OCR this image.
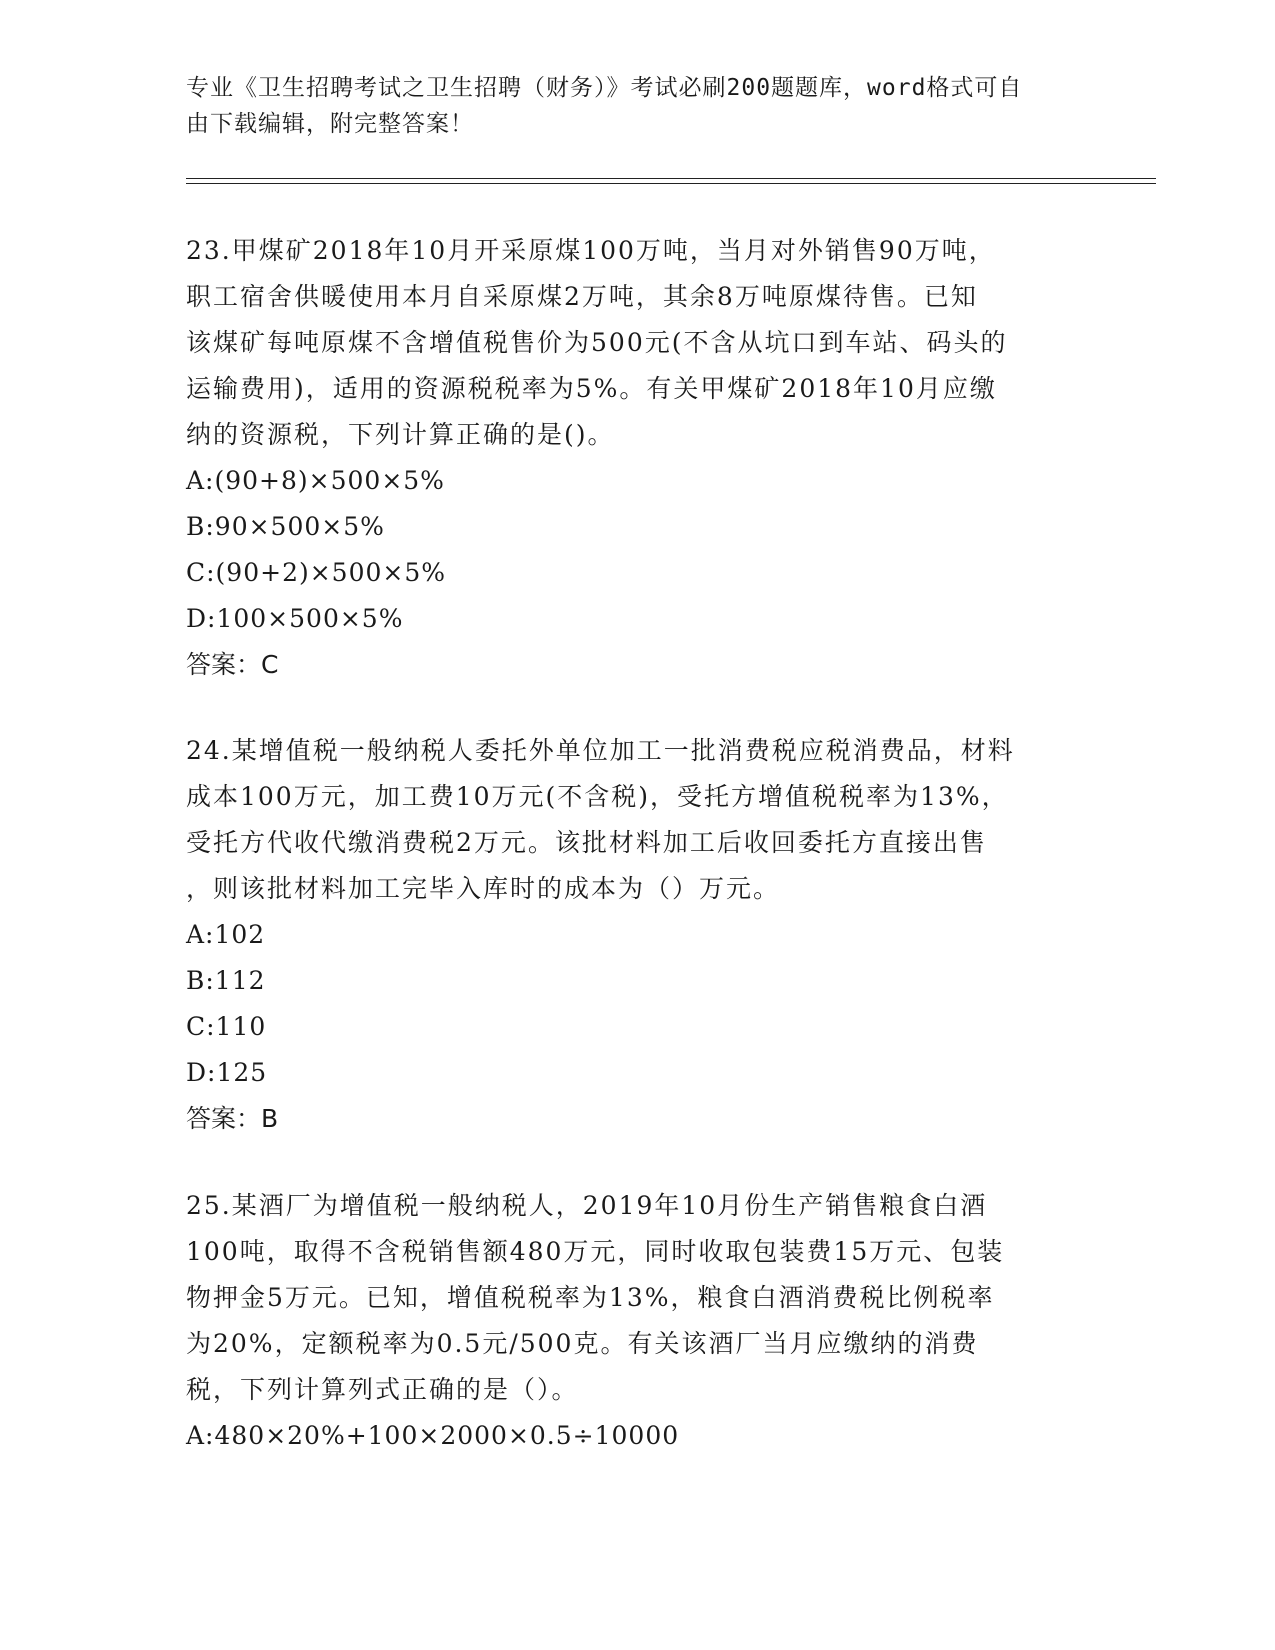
专业《卫生招聘考试之卫生招聘（财务）》考试必刷200题题库，word格式可自
由下载编辑，附完整答案！

23.甲煤矿2018年10月开采原煤100万吨，当月对外销售90万吨，

职工宿舍供暖使用本月自采原煤2万吨，其余8万吨原煤待售。已知

该煤矿每吨原煤不含增值税售价为500元(不含从坑口到车站、码头的

运输费用)，适用的资源税税率为5%。有关甲煤矿2018年10月应缴

纳的资源税，下列计算正确的是()。

A:(90+8)×500×5%

B:90×500×5%

C:(90+2)×500×5%

D:100×500×5%

答案：C

24.某增值税一般纳税人委托外单位加工一批消费税应税消费品，材料

成本100万元，加工费10万元(不含税)，受托方增值税税率为13%，

受托方代收代缴消费税2万元。该批材料加工后收回委托方直接出售

，则该批材料加工完毕入库时的成本为（）万元。

A:102

B:112

C:110

D:125

答案：B

25.某酒厂为增值税一般纳税人，2019年10月份生产销售粮食白酒

100吨，取得不含税销售额480万元，同时收取包装费15万元、包装

物押金5万元。已知，增值税税率为13%，粮食白酒消费税比例税率

为20%，定额税率为0.5元/500克。有关该酒厂当月应缴纳的消费

税，下列计算列式正确的是（）。

A:480×20%+100×2000×0.5÷10000
